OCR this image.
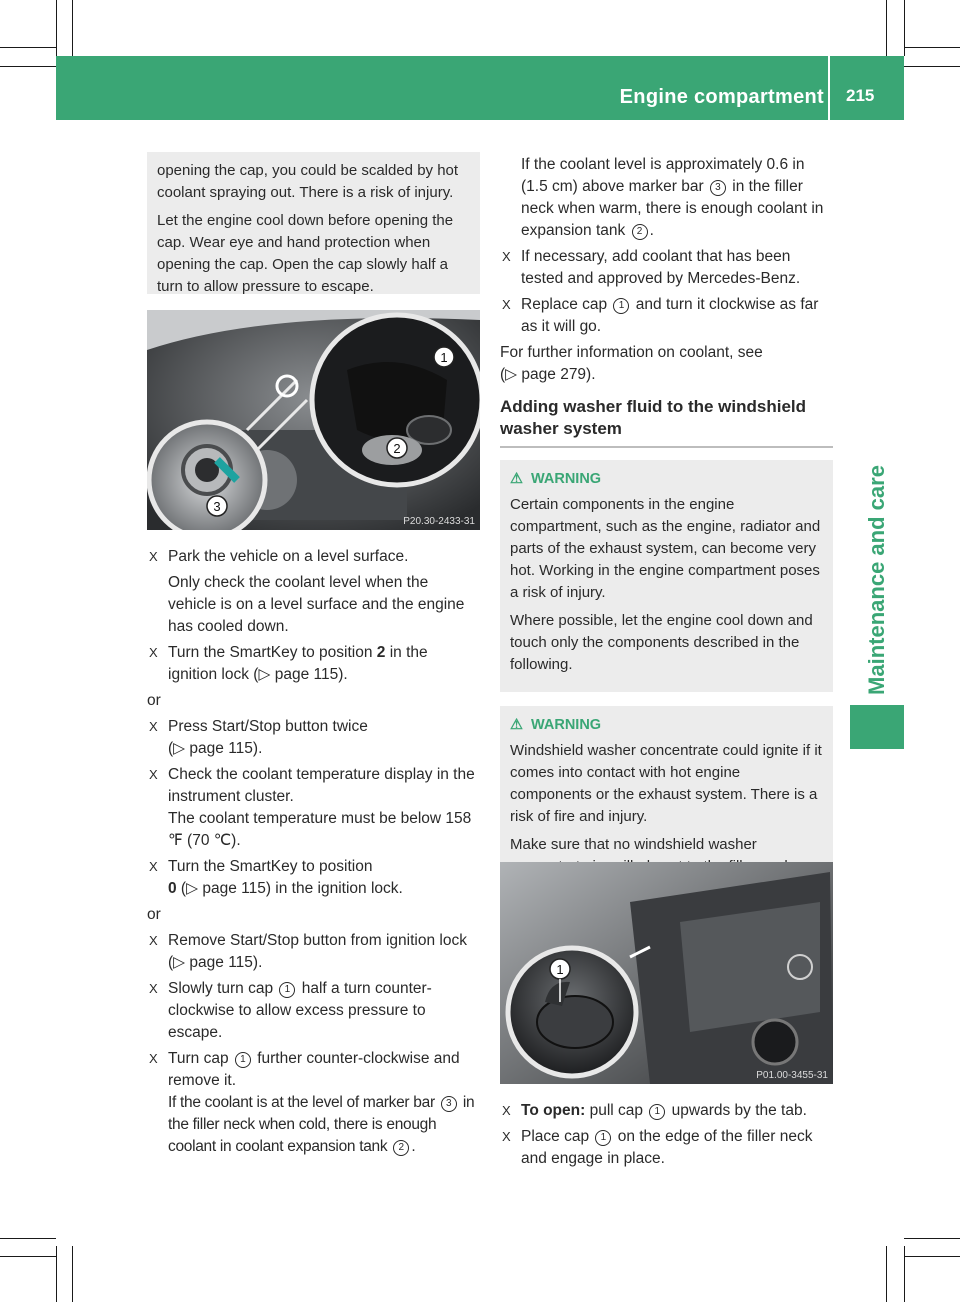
Engine compartment 215
Maintenance and care

opening the cap, you could be scalded by hot coolant spraying out. There is a risk of injury.

Let the engine cool down before opening the cap. Wear eye and hand protection when opening the cap. Open the cap slowly half a turn to allow pressure to escape.

1
2
3
P20.30-2433-31
X Park the vehicle on a level surface.
Only check the coolant level when the vehicle is on a level surface and the engine has cooled down.
X Turn the SmartKey to position 2 in the ignition lock (▷ page 115).
or
X Press Start/Stop button twice
(▷ page 115).
X Check the coolant temperature display in the instrument cluster.
The coolant temperature must be below 158 ℉ (70 ℃).
X Turn the SmartKey to position
0 (▷ page 115) in the ignition lock.
or
X Remove Start/Stop button from ignition lock (▷ page 115).
X Slowly turn cap 1 half a turn counter-clockwise to allow excess pressure to escape.
X Turn cap 1 further counter-clockwise and remove it.
If the coolant is at the level of marker bar 3 in the filler neck when cold, there is enough coolant in coolant expansion tank 2 .
If the coolant level is approximately 0.6 in (1.5 cm) above marker bar 3 in the filler neck when warm, there is enough coolant in expansion tank 2 .
X If necessary, add coolant that has been tested and approved by Mercedes-Benz.
X Replace cap 1 and turn it clockwise as far as it will go.
For further information on coolant, see
(▷ page 279).
Adding washer fluid to the windshield washer system
⚠ WARNING

Certain components in the engine compartment, such as the engine, radiator and parts of the exhaust system, can become very hot. Working in the engine compartment poses a risk of injury.

Where possible, let the engine cool down and touch only the components described in the following.

⚠ WARNING

Windshield washer concentrate could ignite if it comes into contact with hot engine components or the exhaust system. There is a risk of fire and injury.

Make sure that no windshield washer

1
P01.00-3455-31
X To open: pull cap 1 upwards by the tab.
X Place cap 1 on the edge of the filler neck and engage in place.
